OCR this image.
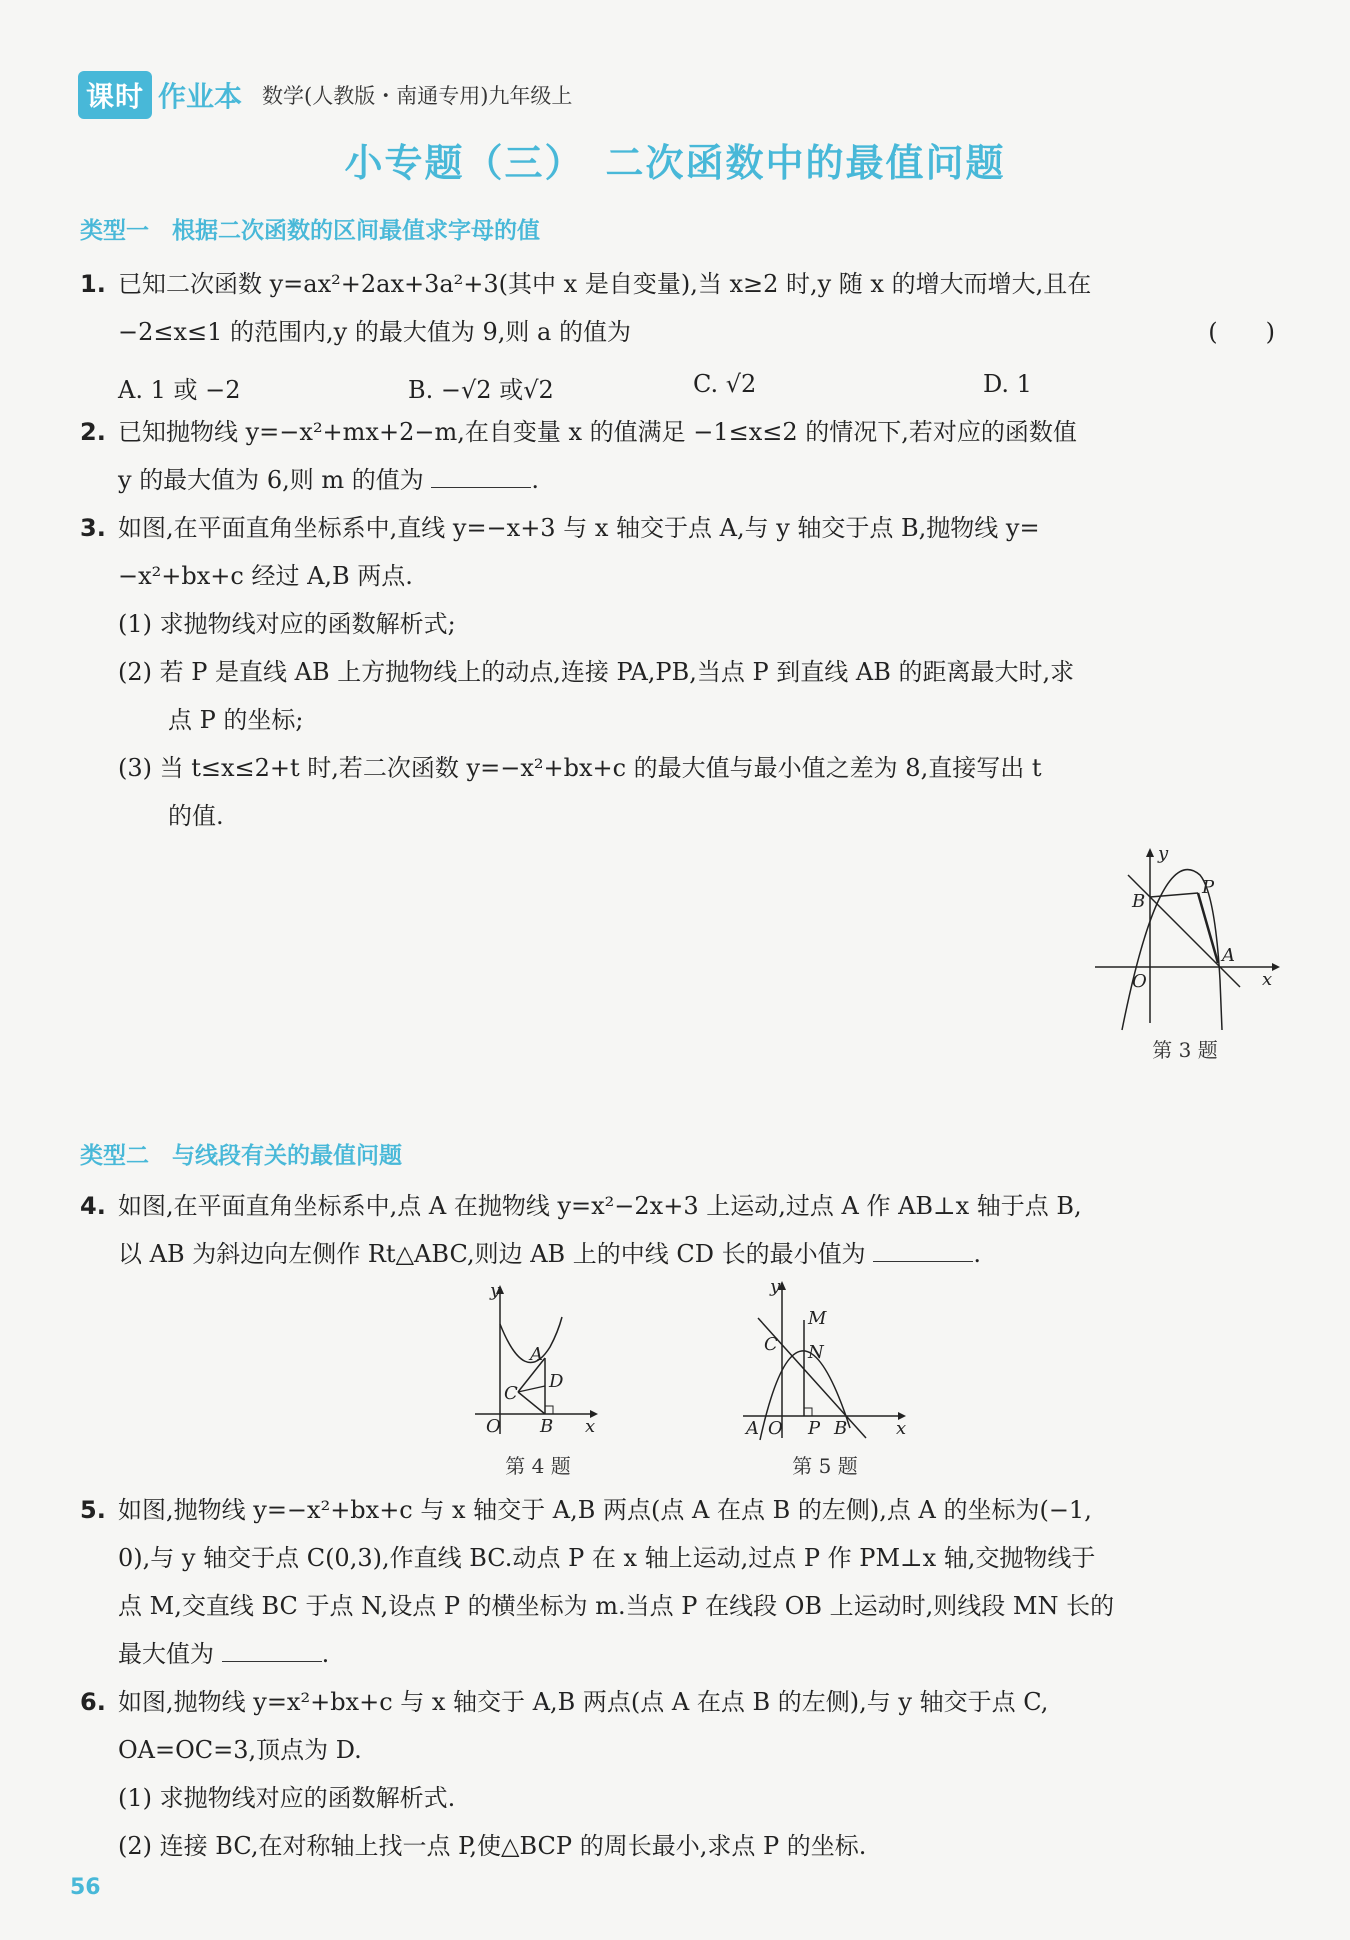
课时 作业本 数学(人教版・南通专用)九年级上
小专题（三）　二次函数中的最值问题
类型一　根据二次函数的区间最值求字母的值
1. 已知二次函数 y=ax²+2ax+3a²+3(其中 x 是自变量),当 x≥2 时,y 随 x 的增大而增大,且在
−2≤x≤1 的范围内,y 的最大值为 9,则 a 的值为	(　　)
A. 1 或 −2	B. −√2 或√2	C. √2	D. 1
2. 已知抛物线 y=−x²+mx+2−m,在自变量 x 的值满足 −1≤x≤2 的情况下,若对应的函数值
y 的最大值为 6,则 m 的值为	.
3. 如图,在平面直角坐标系中,直线 y=−x+3 与 x 轴交于点 A,与 y 轴交于点 B,抛物线 y=
−x²+bx+c 经过 A,B 两点.
(1) 求抛物线对应的函数解析式;
(2) 若 P 是直线 AB 上方抛物线上的动点,连接 PA,PB,当点 P 到直线 AB 的距离最大时,求
点 P 的坐标;
(3) 当 t≤x≤2+t 时,若二次函数 y=−x²+bx+c 的最大值与最小值之差为 8,直接写出 t
的值.
y
B
P
A
O	x
第 3 题
类型二　与线段有关的最值问题
4. 如图,在平面直角坐标系中,点 A 在抛物线 y=x²−2x+3 上运动,过点 A 作 AB⊥x 轴于点 B,
以 AB 为斜边向左侧作 Rt△ABC,则边 AB 上的中线 CD 长的最小值为	.
y
A
C
D
O B x
第 4 题
y
M
C N
A O P B	x
第 5 题
5. 如图,抛物线 y=−x²+bx+c 与 x 轴交于 A,B 两点(点 A 在点 B 的左侧),点 A 的坐标为(−1,
0),与 y 轴交于点 C(0,3),作直线 BC.动点 P 在 x 轴上运动,过点 P 作 PM⊥x 轴,交抛物线于
点 M,交直线 BC 于点 N,设点 P 的横坐标为 m.当点 P 在线段 OB 上运动时,则线段 MN 长的
最大值为	.
6. 如图,抛物线 y=x²+bx+c 与 x 轴交于 A,B 两点(点 A 在点 B 的左侧),与 y 轴交于点 C,
OA=OC=3,顶点为 D.
(1) 求抛物线对应的函数解析式.
(2) 连接 BC,在对称轴上找一点 P,使△BCP 的周长最小,求点 P 的坐标.
56
